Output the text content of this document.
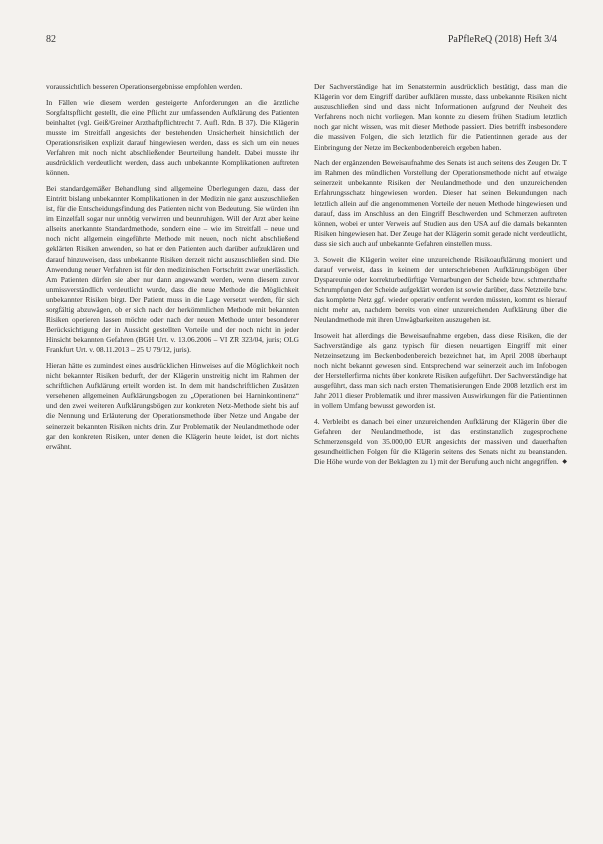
82	PaPfleReQ (2018) Heft 3/4

voraussichtlich besseren Operationsergebnisse empfohlen werden.

In Fällen wie diesem werden gesteigerte Anforderungen an die ärztliche Sorgfaltspflicht gestellt, die eine Pflicht zur umfassenden Aufklärung des Patienten beinhaltet (vgl. Geiß/Greiner Arzthaftpflichtrecht 7. Aufl. Rdn. B 37). Die Klägerin musste im Streitfall angesichts der bestehenden Unsicherheit hinsichtlich der Operationsrisiken explizit darauf hingewiesen werden, dass es sich um ein neues Verfahren mit noch nicht abschließender Beurteilung handelt. Dabei musste ihr ausdrücklich verdeutlicht werden, dass auch unbekannte Komplikationen auftreten können.

Bei standardgemäßer Behandlung sind allgemeine Überlegungen dazu, dass der Eintritt bislang unbekannter Komplikationen in der Medizin nie ganz auszuschließen ist, für die Entscheidungsfindung des Patienten nicht von Bedeutung. Sie würden ihn im Einzelfall sogar nur unnötig verwirren und beunruhigen. Will der Arzt aber keine allseits anerkannte Standardmethode, sondern eine – wie im Streitfall – neue und noch nicht allgemein eingeführte Methode mit neuen, noch nicht abschließend geklärten Risiken anwenden, so hat er den Patienten auch darüber aufzuklären und darauf hinzuweisen, dass unbekannte Risiken derzeit nicht auszuschließen sind. Die Anwendung neuer Verfahren ist für den medizinischen Fortschritt zwar unerlässlich. Am Patienten dürfen sie aber nur dann angewandt werden, wenn diesem zuvor unmissverständlich verdeutlicht wurde, dass die neue Methode die Möglichkeit unbekannter Risiken birgt. Der Patient muss in die Lage versetzt werden, für sich sorgfältig abzuwägen, ob er sich nach der herkömmlichen Methode mit bekannten Risiken operieren lassen möchte oder nach der neuen Methode unter besonderer Berücksichtigung der in Aussicht gestellten Vorteile und der noch nicht in jeder Hinsicht bekannten Gefahren (BGH Urt. v. 13.06.2006 – VI ZR 323/04, juris; OLG Frankfurt Urt. v. 08.11.2013 – 25 U 79/12, juris).

Hieran hätte es zumindest eines ausdrücklichen Hinweises auf die Möglichkeit noch nicht bekannter Risiken bedurft, der der Klägerin unstreitig nicht im Rahmen der schriftlichen Aufklärung erteilt worden ist. In dem mit handschriftlichen Zusätzen versehenen allgemeinen Aufklärungsbogen zu „Operationen bei Harninkontinenz“ und den zwei weiteren Aufklärungsbögen zur konkreten Netz-Methode sieht bis auf die Nennung und Erläuterung der Operationsmethode über Netze und Angabe der seinerzeit bekannten Risiken nichts drin. Zur Problematik der Neulandmethode oder gar den konkreten Risiken, unter denen die Klägerin heute leidet, ist dort nichts erwähnt.

Der Sachverständige hat im Senatstermin ausdrücklich bestätigt, dass man die Klägerin vor dem Eingriff darüber aufklären musste, dass unbekannte Risiken nicht auszuschließen sind und dass nicht Informationen aufgrund der Neuheit des Verfahrens noch nicht vorliegen. Man konnte zu diesem frühen Stadium letztlich noch gar nicht wissen, was mit dieser Methode passiert. Dies betrifft insbesondere die massiven Folgen, die sich letztlich für die Patientinnen gerade aus der Einbringung der Netze im Beckenbodenbereich ergeben haben.

Nach der ergänzenden Beweisaufnahme des Senats ist auch seitens des Zeugen Dr. T im Rahmen des mündlichen Vorstellung der Operationsmethode nicht auf etwaige seinerzeit unbekannte Risiken der Neulandmethode und den unzureichenden Erfahrungsschatz hingewiesen worden. Dieser hat seinen Bekundungen nach letztlich allein auf die angenommenen Vorteile der neuen Methode hingewiesen und darauf, dass im Anschluss an den Eingriff Beschwerden und Schmerzen auftreten können, wobei er unter Verweis auf Studien aus den USA auf die damals bekannten Risiken hingewiesen hat. Der Zeuge hat der Klägerin somit gerade nicht verdeutlicht, dass sie sich auch auf unbekannte Gefahren einstellen muss.

3. Soweit die Klägerin weiter eine unzureichende Risikoaufklärung moniert und darauf verweist, dass in keinem der unterschriebenen Aufklärungsbögen über Dyspareunie oder korrekturbedürftige Vernarbungen der Scheide bzw. schmerzhafte Schrumpfungen der Scheide aufgeklärt worden ist sowie darüber, dass Netzteile bzw. das komplette Netz ggf. wieder operativ entfernt werden müssten, kommt es hierauf nicht mehr an, nachdem bereits von einer unzureichenden Aufklärung über die Neulandmethode mit ihren Unwägbarkeiten auszugehen ist.

Insoweit hat allerdings die Beweisaufnahme ergeben, dass diese Risiken, die der Sachverständige als ganz typisch für diesen neuartigen Eingriff mit einer Netzeinsetzung im Beckenbodenbereich bezeichnet hat, im April 2008 überhaupt noch nicht bekannt gewesen sind. Entsprechend war seinerzeit auch im Infobogen der Herstellerfirma nichts über konkrete Risiken aufgeführt. Der Sachverständige hat ausgeführt, dass man sich nach ersten Thematisierungen Ende 2008 letztlich erst im Jahr 2011 dieser Problematik und ihrer massiven Auswirkungen für die Patientinnen in vollem Umfang bewusst geworden ist.

4. Verbleibt es danach bei einer unzureichenden Aufklärung der Klägerin über die Gefahren der Neulandmethode, ist das erstinstanzlich zugesprochene Schmerzensgeld von 35.000,00 EUR angesichts der massiven und dauerhaften gesundheitlichen Folgen für die Klägerin seitens des Senats nicht zu beanstanden. Die Höhe wurde von der Beklagten zu 1) mit der Berufung auch nicht angegriffen. ◆
